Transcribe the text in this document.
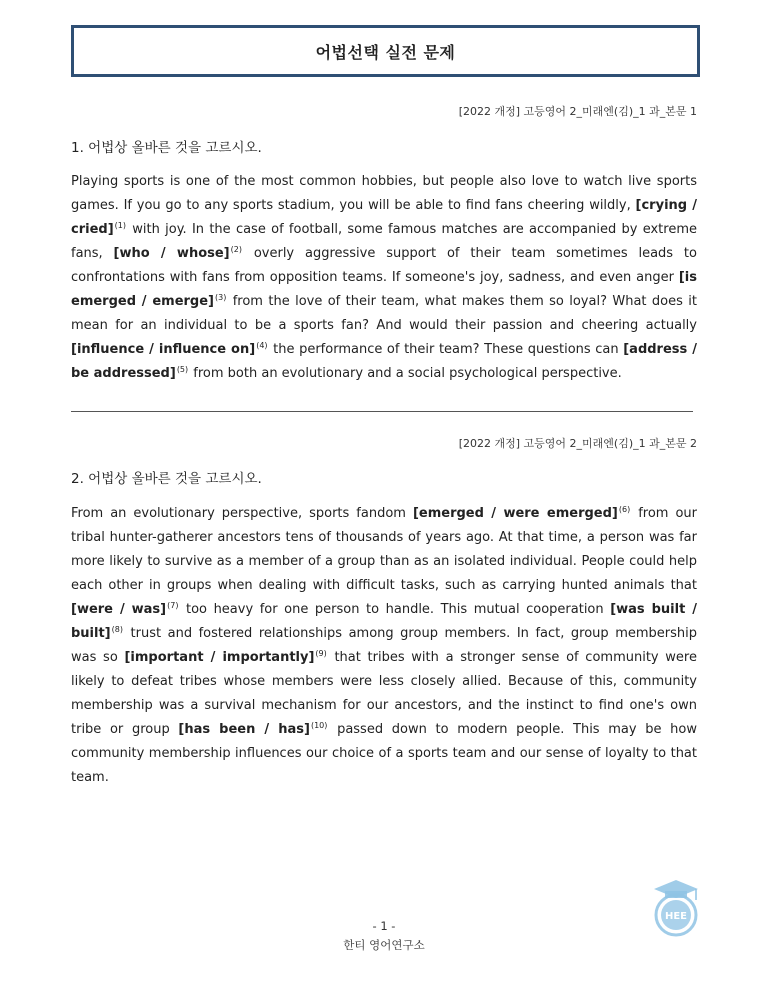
어법선택 실전 문제
[2022 개정] 고등영어 2_미래엔(김)_1 과_본문 1
1. 어법상 올바른 것을 고르시오.
Playing sports is one of the most common hobbies, but people also love to watch live sports games. If you go to any sports stadium, you will be able to find fans cheering wildly, [crying / cried]$^{(1)}$ with joy. In the case of football, some famous matches are accompanied by extreme fans, [who / whose]$^{(2)}$ overly aggressive support of their team sometimes leads to confrontations with fans from opposition teams. If someone's joy, sadness, and even anger [is emerged / emerge]$^{(3)}$ from the love of their team, what makes them so loyal? What does it mean for an individual to be a sports fan? And would their passion and cheering actually [influence / influence on]$^{(4)}$ the performance of their team? These questions can [address / be addressed]$^{(5)}$ from both an evolutionary and a social psychological perspective.
[2022 개정] 고등영어 2_미래엔(김)_1 과_본문 2
2. 어법상 올바른 것을 고르시오.
From an evolutionary perspective, sports fandom [emerged / were emerged]$^{(6)}$ from our tribal hunter-gatherer ancestors tens of thousands of years ago. At that time, a person was far more likely to survive as a member of a group than as an isolated individual. People could help each other in groups when dealing with difficult tasks, such as carrying hunted animals that [were / was]$^{(7)}$ too heavy for one person to handle. This mutual cooperation [was built / built]$^{(8)}$ trust and fostered relationships among group members. In fact, group membership was so [important / importantly]$^{(9)}$ that tribes with a stronger sense of community were likely to defeat tribes whose members were less closely allied. Because of this, community membership was a survival mechanism for our ancestors, and the instinct to find one's own tribe or group [has been / has]$^{(10)}$ passed down to modern people. This may be how community membership influences our choice of a sports team and our sense of loyalty to that team.
- 1 -
한티 영어연구소
HEE
